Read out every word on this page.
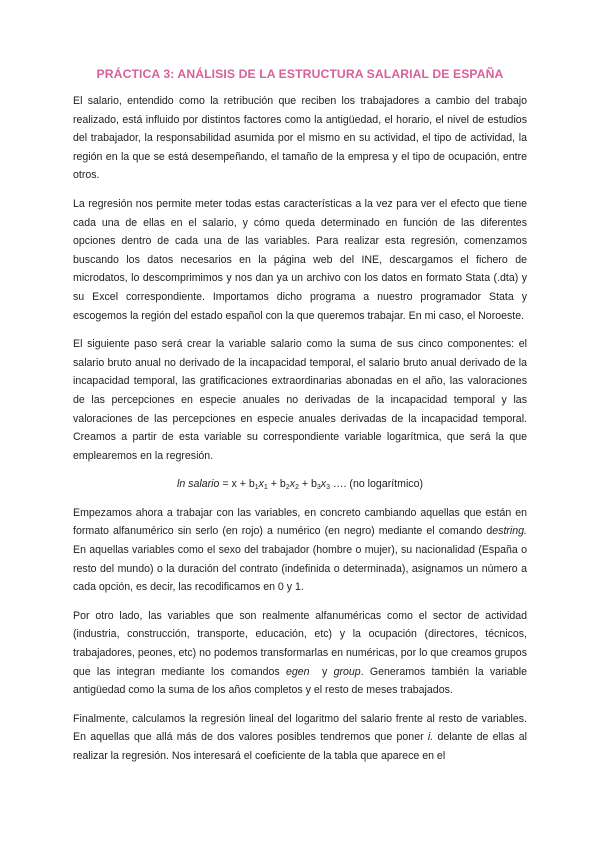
PRÁCTICA 3: ANÁLISIS DE LA ESTRUCTURA SALARIAL DE ESPAÑA

El salario, entendido como la retribución que reciben los trabajadores a cambio del trabajo realizado, está influido por distintos factores como la antigüedad, el horario, el nivel de estudios del trabajador, la responsabilidad asumida por el mismo en su actividad, el tipo de actividad, la región en la que se está desempeñando, el tamaño de la empresa y el tipo de ocupación, entre otros.

La regresión nos permite meter todas estas características a la vez para ver el efecto que tiene cada una de ellas en el salario, y cómo queda determinado en función de las diferentes opciones dentro de cada una de las variables. Para realizar esta regresión, comenzamos buscando los datos necesarios en la página web del INE, descargamos el fichero de microdatos, lo descomprimimos y nos dan ya un archivo con los datos en formato Stata (.dta) y su Excel correspondiente. Importamos dicho programa a nuestro programador Stata y escogemos la región del estado español con la que queremos trabajar. En mi caso, el Noroeste.

El siguiente paso será crear la variable salario como la suma de sus cinco componentes: el salario bruto anual no derivado de la incapacidad temporal, el salario bruto anual derivado de la incapacidad temporal, las gratificaciones extraordinarias abonadas en el año, las valoraciones de las percepciones en especie anuales no derivadas de la incapacidad temporal y las valoraciones de las percepciones en especie anuales derivadas de la incapacidad temporal. Creamos a partir de esta variable su correspondiente variable logarítmica, que será la que emplearemos en la regresión.

ln salario = $x + b_1x_1 + b_2x_2 + b_3x_3$ …. (no logarítmico)

Empezamos ahora a trabajar con las variables, en concreto cambiando aquellas que están en formato alfanumérico sin serlo (en rojo) a numérico (en negro) mediante el comando destring. En aquellas variables como el sexo del trabajador (hombre o mujer), su nacionalidad (España o resto del mundo) o la duración del contrato (indefinida o determinada), asignamos un número a cada opción, es decir, las recodificamos en 0 y 1.

Por otro lado, las variables que son realmente alfanuméricas como el sector de actividad (industria, construcción, transporte, educación, etc) y la ocupación (directores, técnicos, trabajadores, peones, etc) no podemos transformarlas en numéricas, por lo que creamos grupos que las integran mediante los comandos egen  y group. Generamos también la variable antigüedad como la suma de los años completos y el resto de meses trabajados.

Finalmente, calculamos la regresión lineal del logaritmo del salario frente al resto de variables. En aquellas que allá más de dos valores posibles tendremos que poner i. delante de ellas al realizar la regresión. Nos interesará el coeficiente de la tabla que aparece en el
